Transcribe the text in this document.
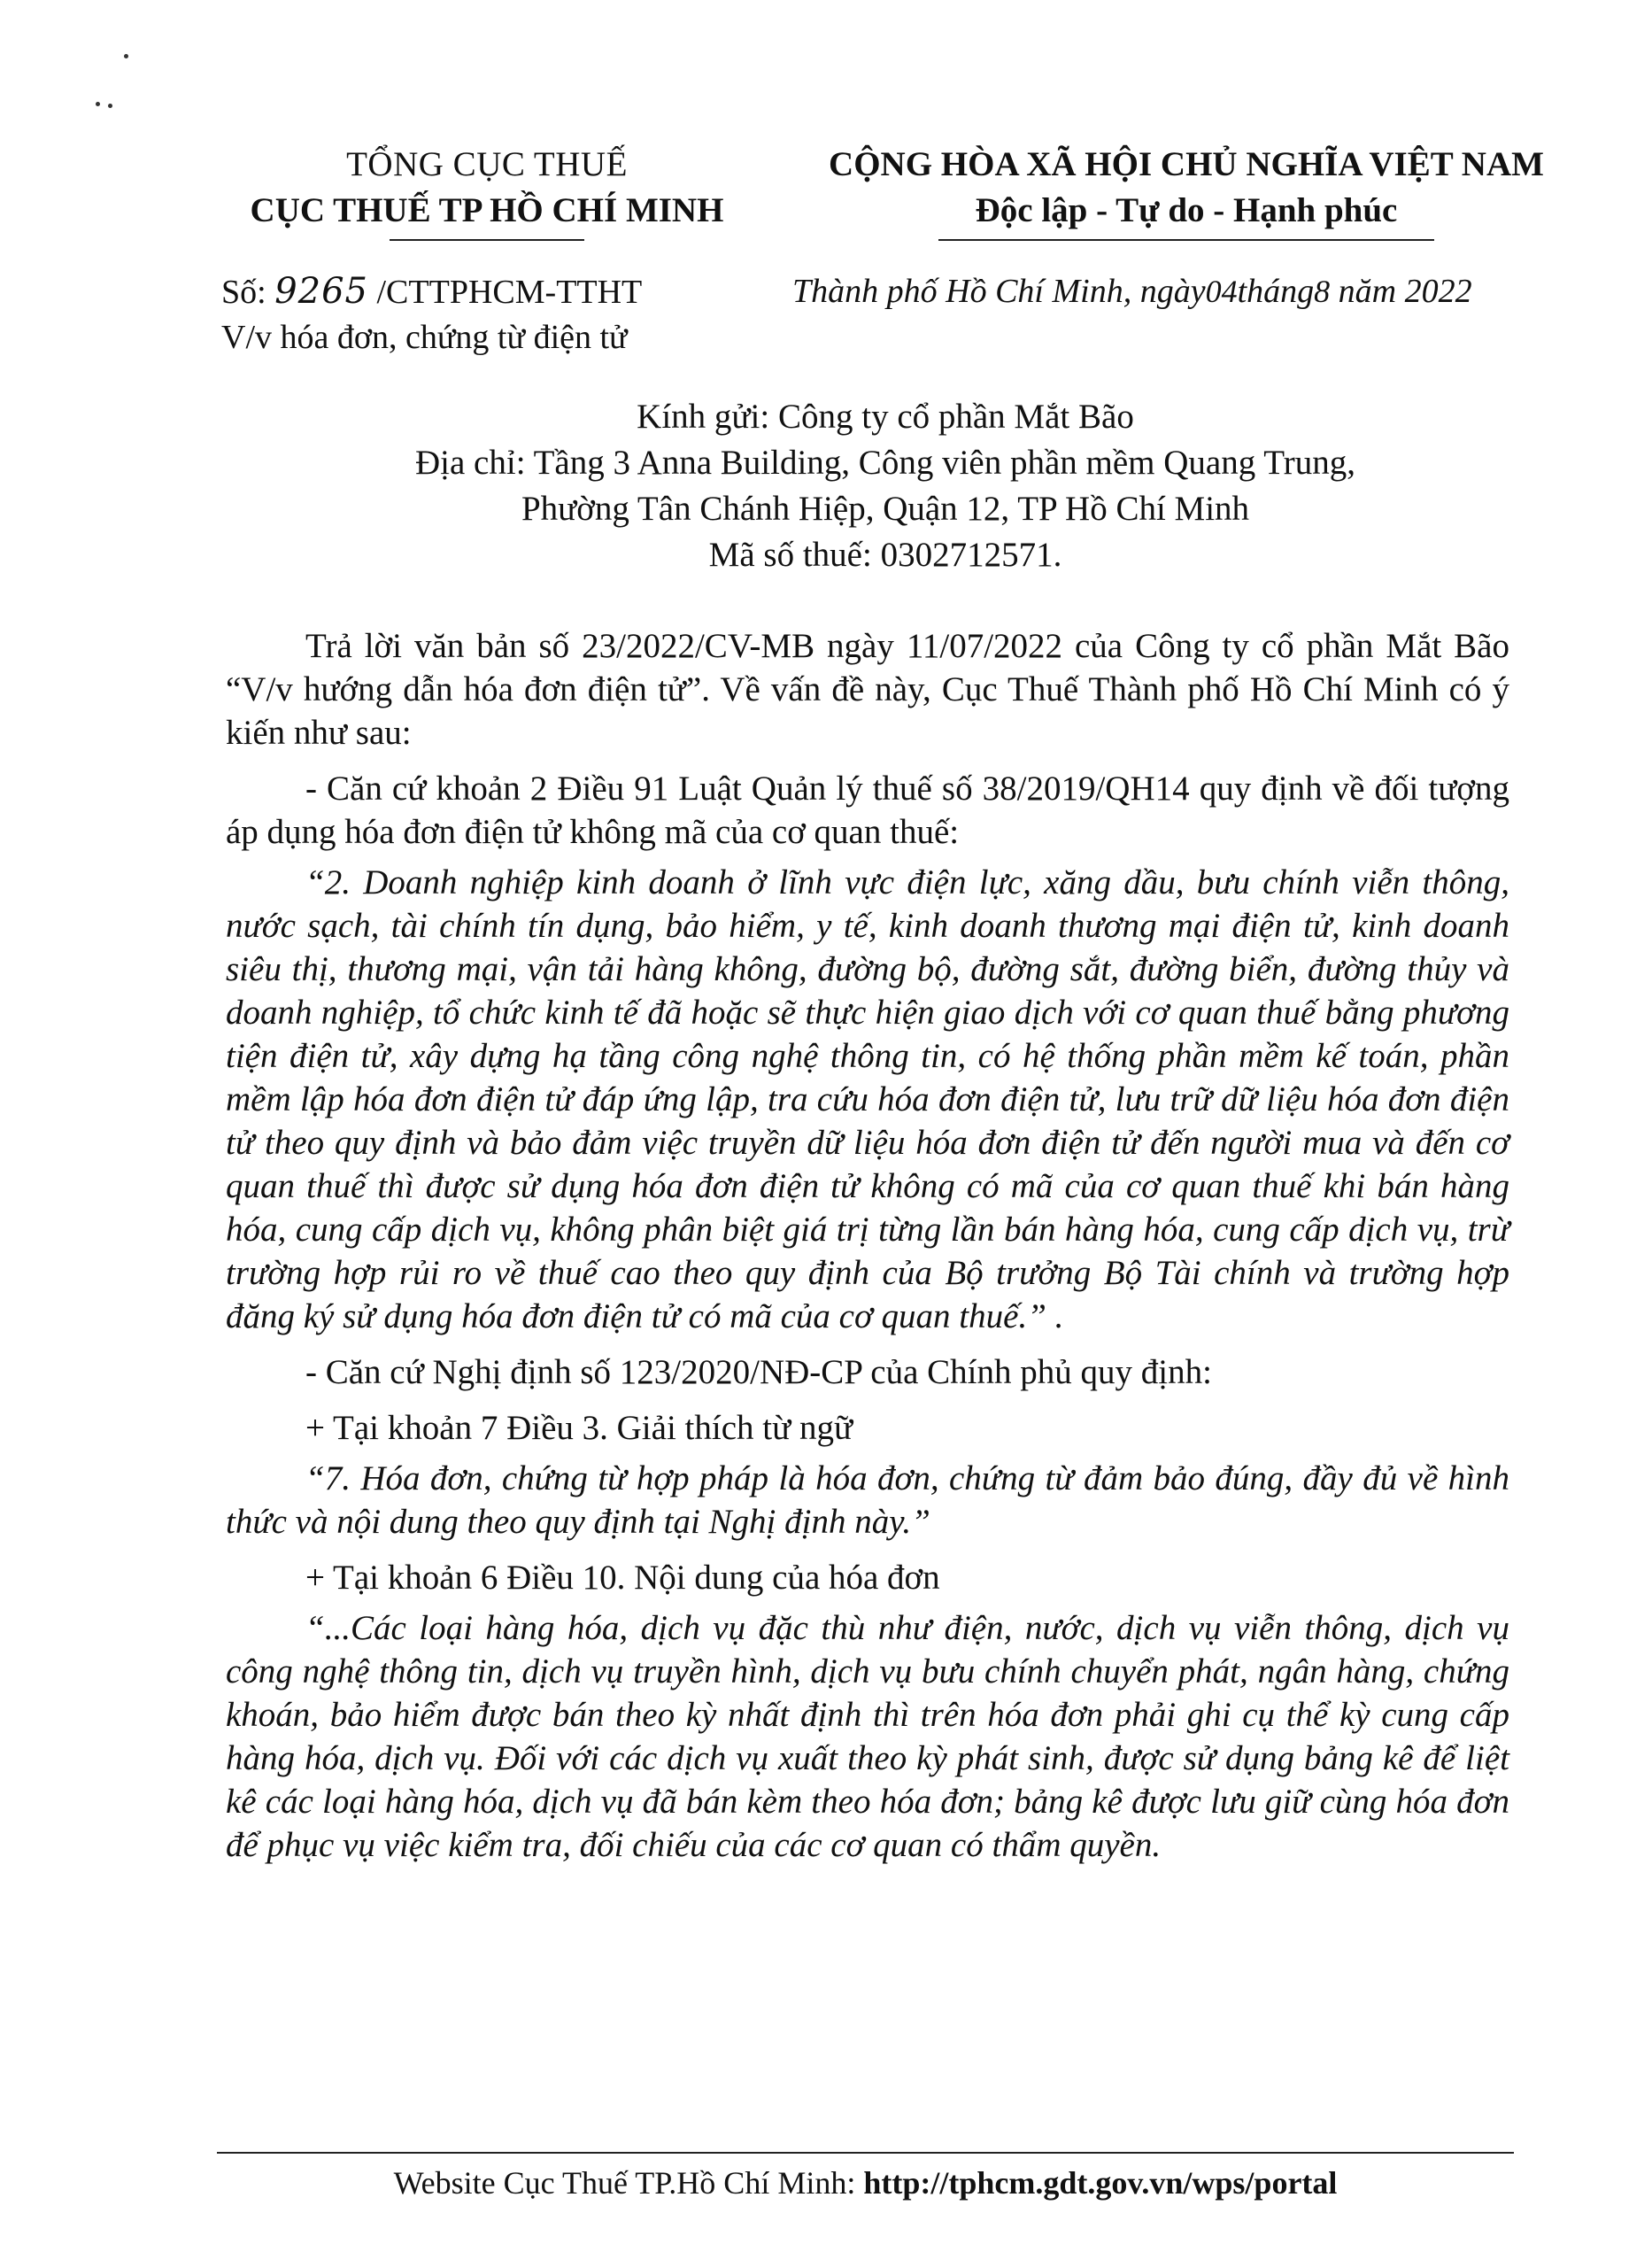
TỔNG CỤC THUẾ
CỤC THUẾ TP HỒ CHÍ MINH
CỘNG HÒA XÃ HỘI CHỦ NGHĨA VIỆT NAM
Độc lập - Tự do - Hạnh phúc
Số: 9265 /CTTPHCM-TTHT
V/v hóa đơn, chứng từ điện tử
Thành phố Hồ Chí Minh, ngày04tháng8 năm 2022
Kính gửi: Công ty cổ phần Mắt Bão
Địa chỉ: Tầng 3 Anna Building, Công viên phần mềm Quang Trung,
Phường Tân Chánh Hiệp, Quận 12, TP Hồ Chí Minh
Mã số thuế: 0302712571.

Trả lời văn bản số 23/2022/CV-MB ngày 11/07/2022 của Công ty cổ phần Mắt Bão “V/v hướng dẫn hóa đơn điện tử”. Về vấn đề này, Cục Thuế Thành phố Hồ Chí Minh có ý kiến như sau:

- Căn cứ khoản 2 Điều 91 Luật Quản lý thuế số 38/2019/QH14 quy định về đối tượng áp dụng hóa đơn điện tử không mã của cơ quan thuế:

“2. Doanh nghiệp kinh doanh ở lĩnh vực điện lực, xăng dầu, bưu chính viễn thông, nước sạch, tài chính tín dụng, bảo hiểm, y tế, kinh doanh thương mại điện tử, kinh doanh siêu thị, thương mại, vận tải hàng không, đường bộ, đường sắt, đường biển, đường thủy và doanh nghiệp, tổ chức kinh tế đã hoặc sẽ thực hiện giao dịch với cơ quan thuế bằng phương tiện điện tử, xây dựng hạ tầng công nghệ thông tin, có hệ thống phần mềm kế toán, phần mềm lập hóa đơn điện tử đáp ứng lập, tra cứu hóa đơn điện tử, lưu trữ dữ liệu hóa đơn điện tử theo quy định và bảo đảm việc truyền dữ liệu hóa đơn điện tử đến người mua và đến cơ quan thuế thì được sử dụng hóa đơn điện tử không có mã của cơ quan thuế khi bán hàng hóa, cung cấp dịch vụ, không phân biệt giá trị từng lần bán hàng hóa, cung cấp dịch vụ, trừ trường hợp rủi ro về thuế cao theo quy định của Bộ trưởng Bộ Tài chính và trường hợp đăng ký sử dụng hóa đơn điện tử có mã của cơ quan thuế.” .

- Căn cứ Nghị định số 123/2020/NĐ-CP của Chính phủ quy định:

+ Tại khoản 7 Điều 3. Giải thích từ ngữ

“7. Hóa đơn, chứng từ hợp pháp là hóa đơn, chứng từ đảm bảo đúng, đầy đủ về hình thức và nội dung theo quy định tại Nghị định này.”

+ Tại khoản 6 Điều 10. Nội dung của hóa đơn

“...Các loại hàng hóa, dịch vụ đặc thù như điện, nước, dịch vụ viễn thông, dịch vụ công nghệ thông tin, dịch vụ truyền hình, dịch vụ bưu chính chuyển phát, ngân hàng, chứng khoán, bảo hiểm được bán theo kỳ nhất định thì trên hóa đơn phải ghi cụ thể kỳ cung cấp hàng hóa, dịch vụ. Đối với các dịch vụ xuất theo kỳ phát sinh, được sử dụng bảng kê để liệt kê các loại hàng hóa, dịch vụ đã bán kèm theo hóa đơn; bảng kê được lưu giữ cùng hóa đơn để phục vụ việc kiểm tra, đối chiếu của các cơ quan có thẩm quyền.

Website Cục Thuế TP.Hồ Chí Minh: http://tphcm.gdt.gov.vn/wps/portal
